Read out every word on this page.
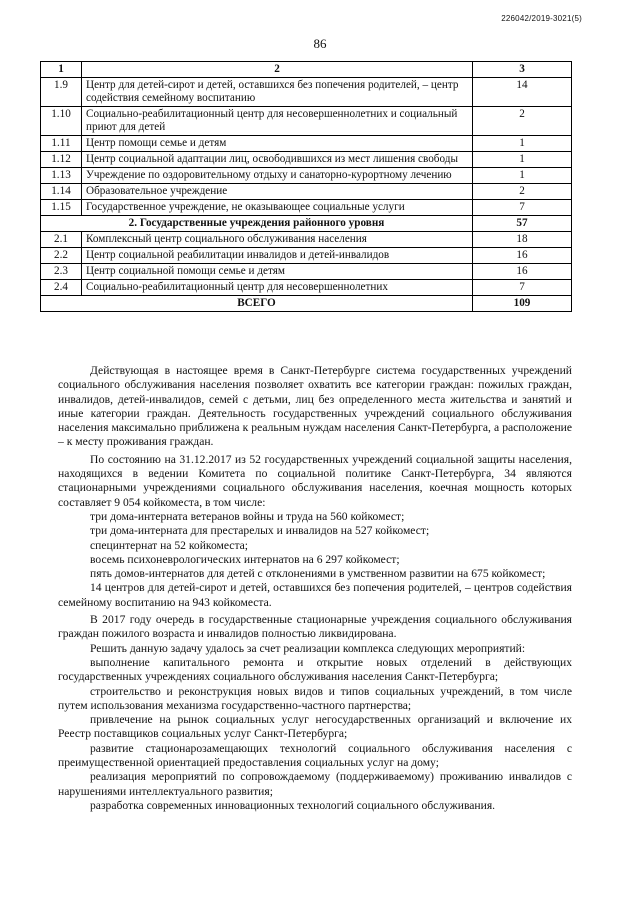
226042/2019-3021(5)
86
1	2	3
1.9	Центр для детей-сирот и детей, оставшихся без попечения родителей, – центр содействия семейному воспитанию	14
1.10	Социально-реабилитационный центр для несовершеннолетних и социальный приют для детей	2
1.11	Центр помощи семье и детям	1
1.12	Центр социальной адаптации лиц, освободившихся из мест лишения свободы	1
1.13	Учреждение по оздоровительному отдыху и санаторно-курортному лечению	1
1.14	Образовательное учреждение	2
1.15	Государственное учреждение, не оказывающее социальные услуги	7
2. Государственные учреждения районного уровня		57
2.1	Комплексный центр социального обслуживания населения	18
2.2	Центр социальной реабилитации инвалидов и детей-инвалидов	16
2.3	Центр социальной помощи семье и детям	16
2.4	Социально-реабилитационный центр для несовершеннолетних	7
ВСЕГО		109

Действующая в настоящее время в Санкт-Петербурге система государственных учреждений социального обслуживания населения позволяет охватить все категории граждан: пожилых граждан, инвалидов, детей-инвалидов, семей с детьми, лиц без определенного места жительства и занятий и иные категории граждан. Деятельность государственных учреждений социального обслуживания населения максимально приближена к реальным нуждам населения Санкт-Петербурга, а расположение – к месту проживания граждан.

По состоянию на 31.12.2017 из 52 государственных учреждений социальной защиты населения, находящихся в ведении Комитета по социальной политике Санкт-Петербурга, 34 являются стационарными учреждениями социального обслуживания населения, коечная мощность которых составляет 9 054 койкоместа, в том числе:

три дома-интерната ветеранов войны и труда на 560 койкомест;

три дома-интерната для престарелых и инвалидов на 527 койкомест;

специнтернат на 52 койкоместа;

восемь психоневрологических интернатов на 6 297 койкомест;

пять домов-интернатов для детей с отклонениями в умственном развитии на 675 койкомест;

14 центров для детей-сирот и детей, оставшихся без попечения родителей, – центров содействия семейному воспитанию на 943 койкоместа.

В 2017 году очередь в государственные стационарные учреждения социального обслуживания граждан пожилого возраста и инвалидов полностью ликвидирована.

Решить данную задачу удалось за счет реализации комплекса следующих мероприятий:

выполнение капитального ремонта и открытие новых отделений в действующих государственных учреждениях социального обслуживания населения Санкт-Петербурга;

строительство и реконструкция новых видов и типов социальных учреждений, в том числе путем использования механизма государственно-частного партнерства;

привлечение на рынок социальных услуг негосударственных организаций и включение их Реестр поставщиков социальных услуг Санкт-Петербурга;

развитие стационарозамещающих технологий социального обслуживания населения с преимущественной ориентацией предоставления социальных услуг на дому;

реализация мероприятий по сопровождаемому (поддерживаемому) проживанию инвалидов с нарушениями интеллектуального развития;

разработка современных инновационных технологий социального обслуживания.
